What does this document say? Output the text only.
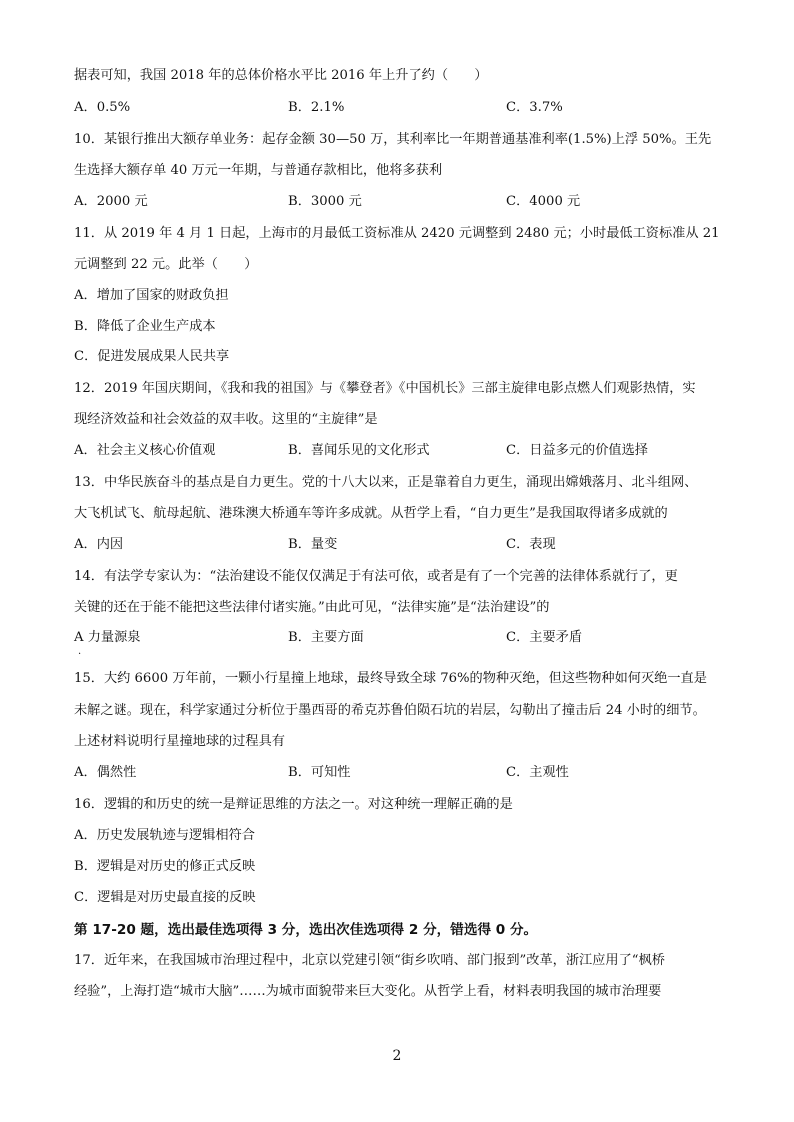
据表可知，我国 2018 年的总体价格水平比 2016 年上升了约（　　）
A．0.5%	B．2.1%	C．3.7%
10．某银行推出大额存单业务：起存金额 30—50 万，其利率比一年期普通基准利率(1.5%)上浮 50%。王先
生选择大额存单 40 万元一年期，与普通存款相比，他将多获利
A．2000 元	B．3000 元	C．4000 元
11．从 2019 年 4 月 1 日起，上海市的月最低工资标准从 2420 元调整到 2480 元；小时最低工资标准从 21
元调整到 22 元。此举（　　）
A．增加了国家的财政负担
B．降低了企业生产成本
C．促进发展成果人民共享
12．2019 年国庆期间，《我和我的祖国》与《攀登者》《中国机长》三部主旋律电影点燃人们观影热情，实
现经济效益和社会效益的双丰收。这里的“主旋律”是
A．社会主义核心价值观	B．喜闻乐见的文化形式	C．日益多元的价值选择
13．中华民族奋斗的基点是自力更生。党的十八大以来，正是靠着自力更生，涌现出嫦娥落月、北斗组网、
大飞机试飞、航母起航、港珠澳大桥通车等许多成就。从哲学上看，“自力更生”是我国取得诸多成就的
A．内因	B．量变	C．表现
14．有法学专家认为：“法治建设不能仅仅满足于有法可依，或者是有了一个完善的法律体系就行了，更
关键的还在于能不能把这些法律付诸实施。”由此可见，“法律实施”是“法治建设”的
A 力量源泉	B．主要方面	C．主要矛盾
.
15．大约 6600 万年前，一颗小行星撞上地球，最终导致全球 76%的物种灭绝，但这些物种如何灭绝一直是
未解之谜。现在，科学家通过分析位于墨西哥的希克苏鲁伯陨石坑的岩层，勾勒出了撞击后 24 小时的细节。
上述材料说明行星撞地球的过程具有
A．偶然性	B．可知性	C．主观性
16．逻辑的和历史的统一是辩证思维的方法之一。对这种统一理解正确的是
A．历史发展轨迹与逻辑相符合
B．逻辑是对历史的修正式反映
C．逻辑是对历史最直接的反映
第 17-20 题，选出最佳选项得 3 分，选出次佳选项得 2 分，错选得 0 分。
17．近年来，在我国城市治理过程中，北京以党建引领“街乡吹哨、部门报到”改革，浙江应用了“枫桥
经验”，上海打造“城市大脑”……为城市面貌带来巨大变化。从哲学上看，材料表明我国的城市治理要
2
